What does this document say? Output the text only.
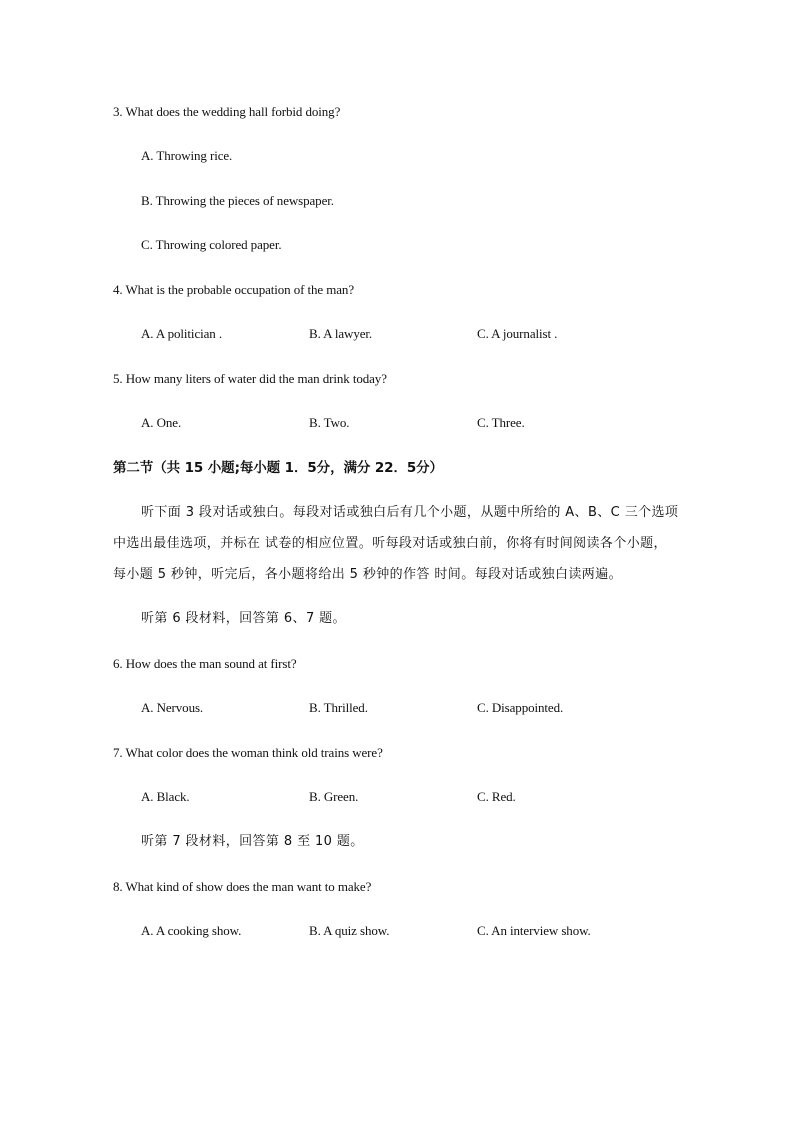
3. What does the wedding hall forbid doing?
A. Throwing rice.
B. Throwing the pieces of newspaper.
C. Throwing colored paper.
4. What is the probable occupation of the man?
A. A politician .	B. A lawyer.	C. A journalist .
5. How many liters of water did the man drink today?
A. One.	B. Two.	C. Three.
第二节（共 15 小题;每小题 1．5分，满分 22．5分）
听下面 3 段对话或独白。每段对话或独白后有几个小题，从题中所给的 A、B、C 三个选项
中选出最佳选项，并标在 试卷的相应位置。听每段对话或独白前，你将有时间阅读各个小题，
每小题 5 秒钟，听完后，各小题将给出 5 秒钟的作答 时间。每段对话或独白读两遍。
听第 6 段材料，回答第 6、7 题。
6. How does the man sound at first?
A. Nervous.	B. Thrilled.	C. Disappointed.
7. What color does the woman think old trains were?
A. Black.	B. Green.	C. Red.
听第 7 段材料，回答第 8 至 10 题。
8. What kind of show does the man want to make?
A. A cooking show.	B. A quiz show.	C. An interview show.
